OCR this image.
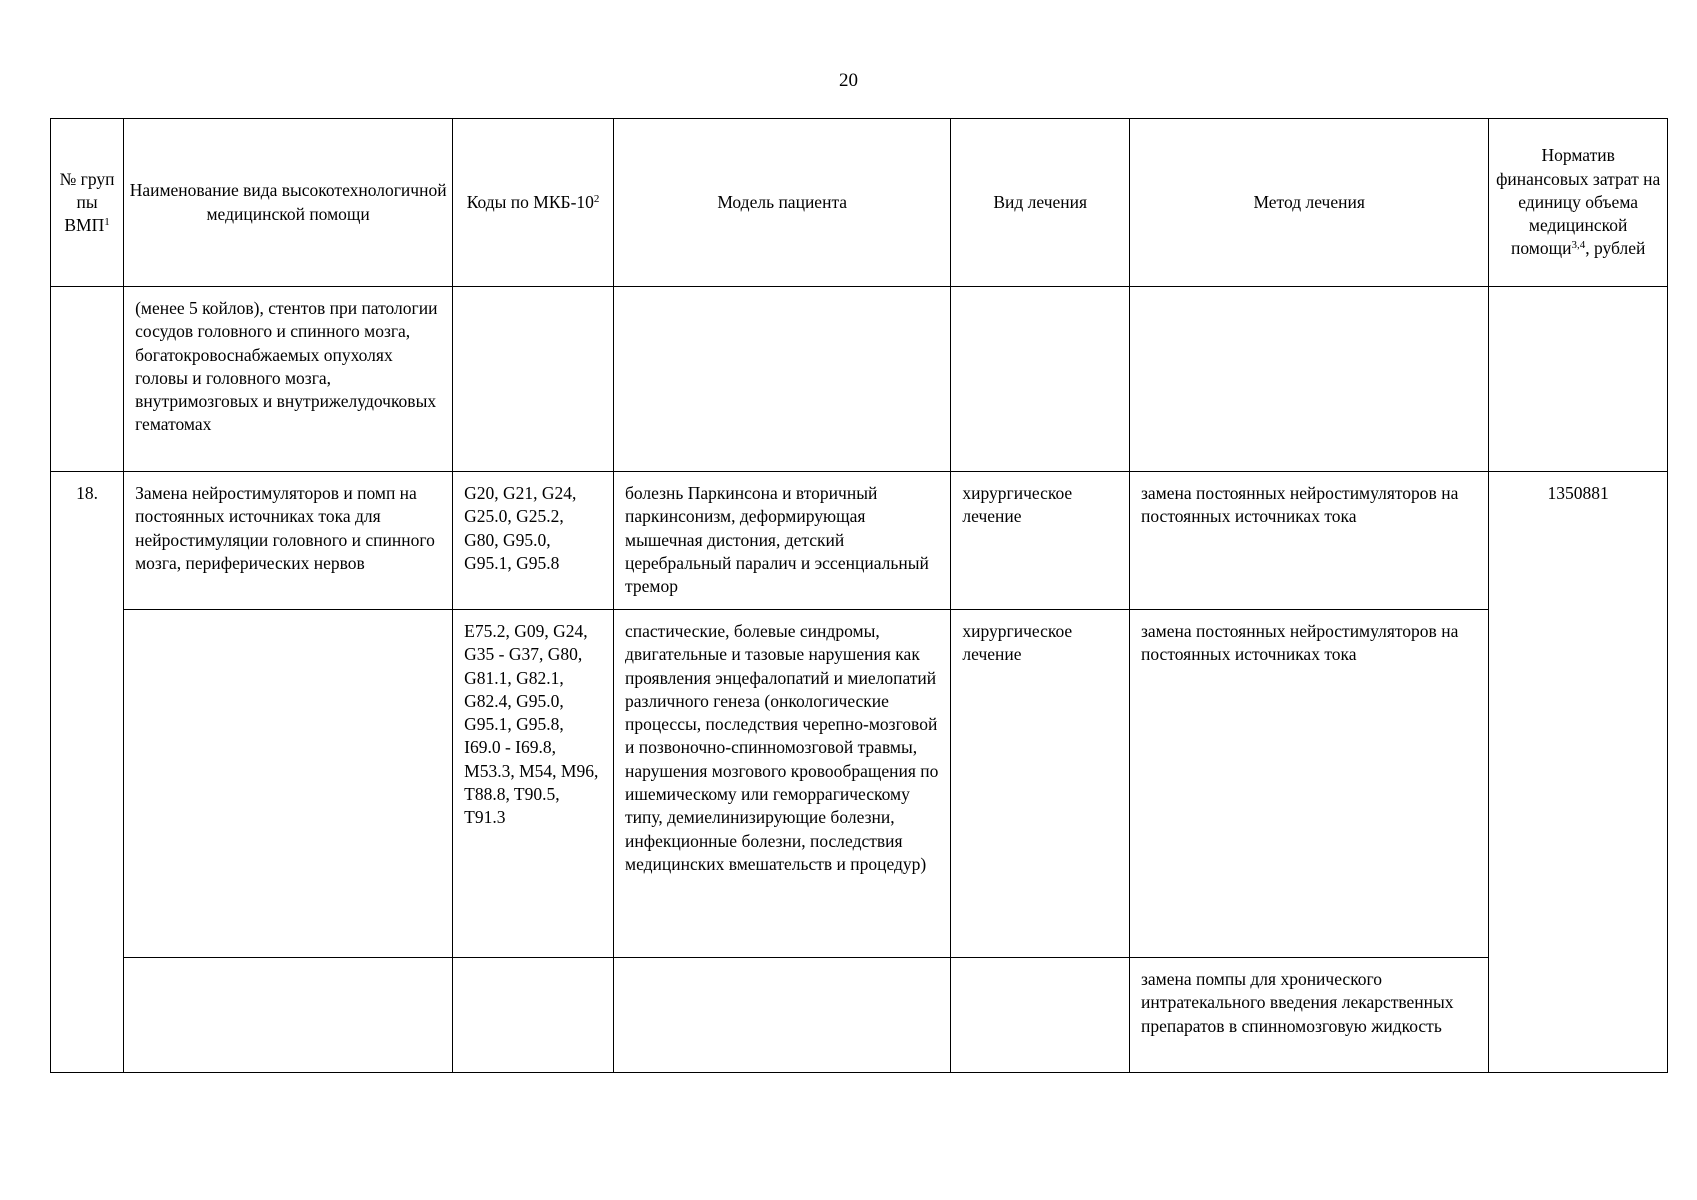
20
№ груп пы ВМП$^1$	Наименование вида высокотехнологичной медицинской помощи	Коды по МКБ-$10^2$	Модель пациента	Вид лечения	Метод лечения	Норматив финансовых затрат на единицу объема медицинской помощи$^{3,4}$, рублей
	(менее 5 койлов), стентов при патологии сосудов головного и спинного мозга, богатокровоснабжаемых опухолях головы и головного мозга, внутримозговых и внутрижелудочковых гематомах					
18.	Замена нейростимуляторов и помп на постоянных источниках тока для нейростимуляции головного и спинного мозга, периферических нервов	G20, G21, G24, G25.0, G25.2, G80, G95.0, G95.1, G95.8	болезнь Паркинсона и вторичный паркинсонизм, деформирующая мышечная дистония, детский церебральный паралич и эссенциальный тремор	хирургическое лечение	замена постоянных нейростимуляторов на постоянных источниках тока	1350881
		E75.2, G09, G24, G35 - G37, G80, G81.1, G82.1, G82.4, G95.0, G95.1, G95.8, I69.0 - I69.8, M53.3, M54, M96, T88.8, T90.5, T91.3	спастические, болевые синдромы, двигательные и тазовые нарушения как проявления энцефалопатий и миелопатий различного генеза (онкологические процессы, последствия черепно-мозговой и позвоночно-спинномозговой травмы, нарушения мозгового кровообращения по ишемическому или геморрагическому типу, демиелинизирующие болезни, инфекционные болезни, последствия медицинских вмешательств и процедур)	хирургическое лечение	замена постоянных нейростимуляторов на постоянных источниках тока	
					замена помпы для хронического интратекального введения лекарственных препаратов в спинномозговую жидкость	
